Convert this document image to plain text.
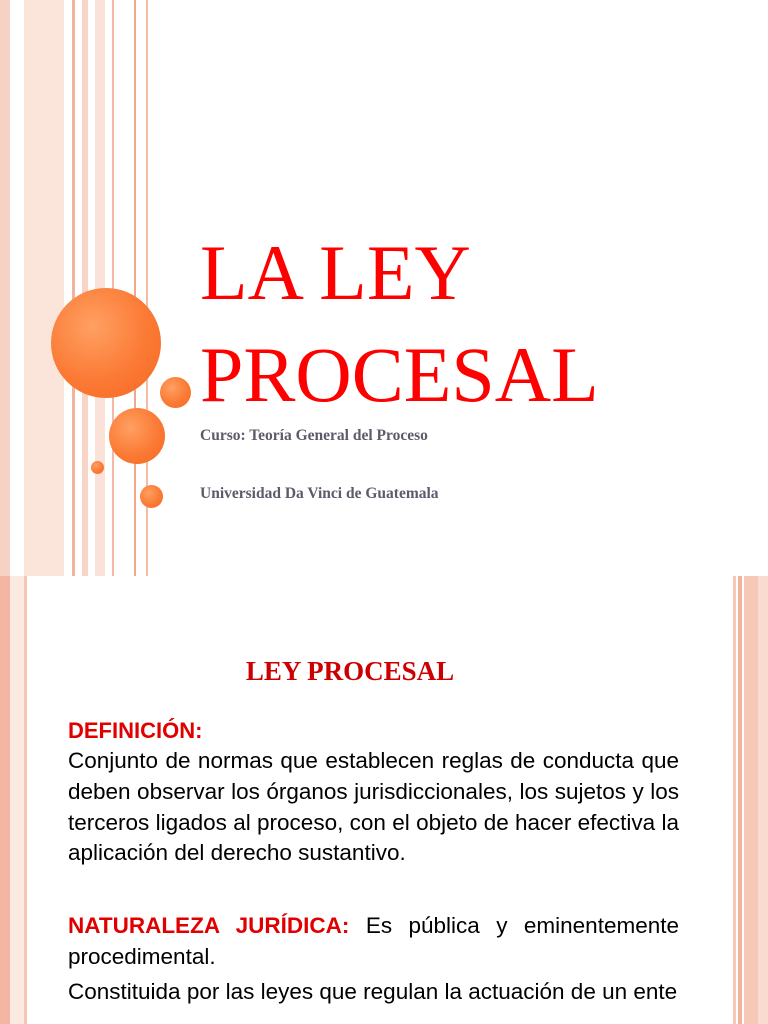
LA LEY
PROCESAL

Curso: Teoría General del Proceso

Universidad Da Vinci de Guatemala

LEY PROCESAL

DEFINICIÓN:

Conjunto de normas que establecen reglas de conducta que deben observar los órganos jurisdiccionales, los sujetos y los terceros ligados al proceso, con el objeto de hacer efectiva la aplicación del derecho sustantivo.

NATURALEZA JURÍDICA: Es pública y eminentemente procedimental.

Constituida por las leyes que regulan la actuación de un ente
